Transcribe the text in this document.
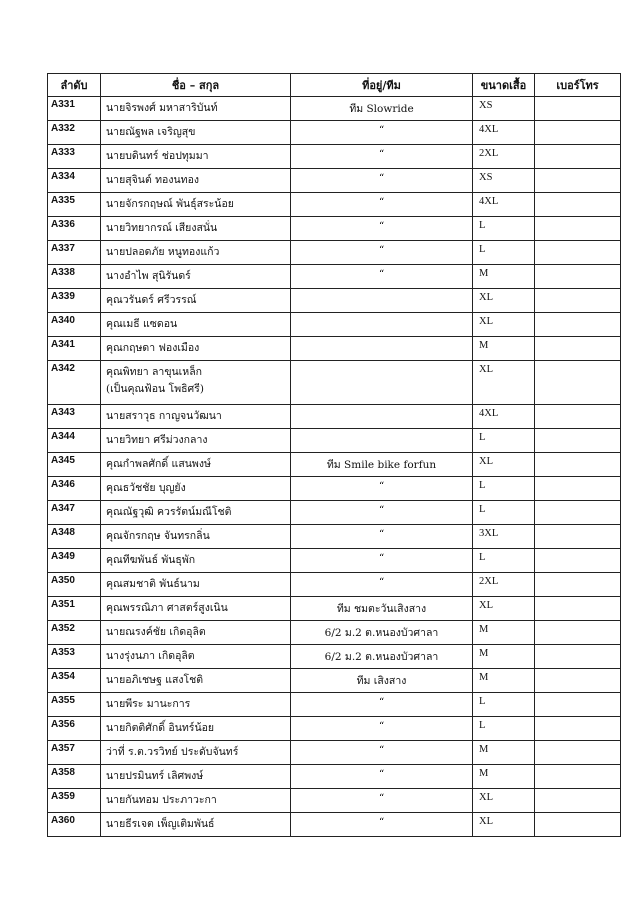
ลำดับ	ชื่อ – สกุล	ที่อยู่/ทีม	ขนาดเสื้อ	เบอร์โทร
A331	นายจิรพงศ์ มหาสาริบันท์	ทีม Slowride	XS	
A332	นายณัฐพล เจริญสุข	“	4XL	
A333	นายบดินทร์ ช่อปทุมมา	“	2XL	
A334	นายสุจินต์ ทองนทอง	“	XS	
A335	นายจักรกฤษณ์ พันธุ์สระน้อย	“	4XL	
A336	นายวิทยากรณ์ เสียงสนั่น	“	L	
A337	นายปลอดภัย หนูทองแก้ว	“	L	
A338	นางอำไพ สุนิรันดร์	“	M	
A339	คุณวรันดร์ ศรีวรรณ์		XL	
A340	คุณเมธี แซดอน		XL	
A341	คุณกฤษดา ฟองเมือง		M	
A342	คุณพิทยา ลาขุนเหล็ก
(เป็นคุณฟ้อน โพธิศรี)		XL	
A343	นายสราวุธ กาญจนวัฒนา		4XL	
A344	นายวิทยา ศรีม่วงกลาง		L	
A345	คุณกำพลศักดิ์ แสนพงษ์	ทีม Smile bike forfun	XL	
A346	คุณธวัชชัย บุญยัง	“	L	
A347	คุณณัฐวุฒิ ควรรัตน์มณีโชติ	“	L	
A348	คุณจักรกฤษ จันทรกลิ่น	“	3XL	
A349	คุณทีฆพันธ์ พันธุพัก	“	L	
A350	คุณสมชาติ พันธ์นาม	“	2XL	
A351	คุณพรรณิภา ศาสตร์สูงเนิน	ทีม ชมตะวันเสิงสาง	XL	
A352	นายณรงค์ชัย เกิดอุลิต	6/2 ม.2 ต.หนองบัวศาลา	M	
A353	นางรุ่งนภา เกิดอุลิต	6/2 ม.2 ต.หนองบัวศาลา	M	
A354	นายอภิเชษฐ แสงโชติ	ทีม เสิงสาง	M	
A355	นายพีระ มานะการ	“	L	
A356	นายกิตติศักดิ์ อินทร์น้อย	“	L	
A357	ว่าที่ ร.ต.วรวิทย์ ประดับจันทร์	“	M	
A358	นายปรมินทร์ เลิศพงษ์	“	M	
A359	นายกันทอม ประภาวะกา	“	XL	
A360	นายธีรเจต เพ็ญเติมพันธ์	“	XL	
